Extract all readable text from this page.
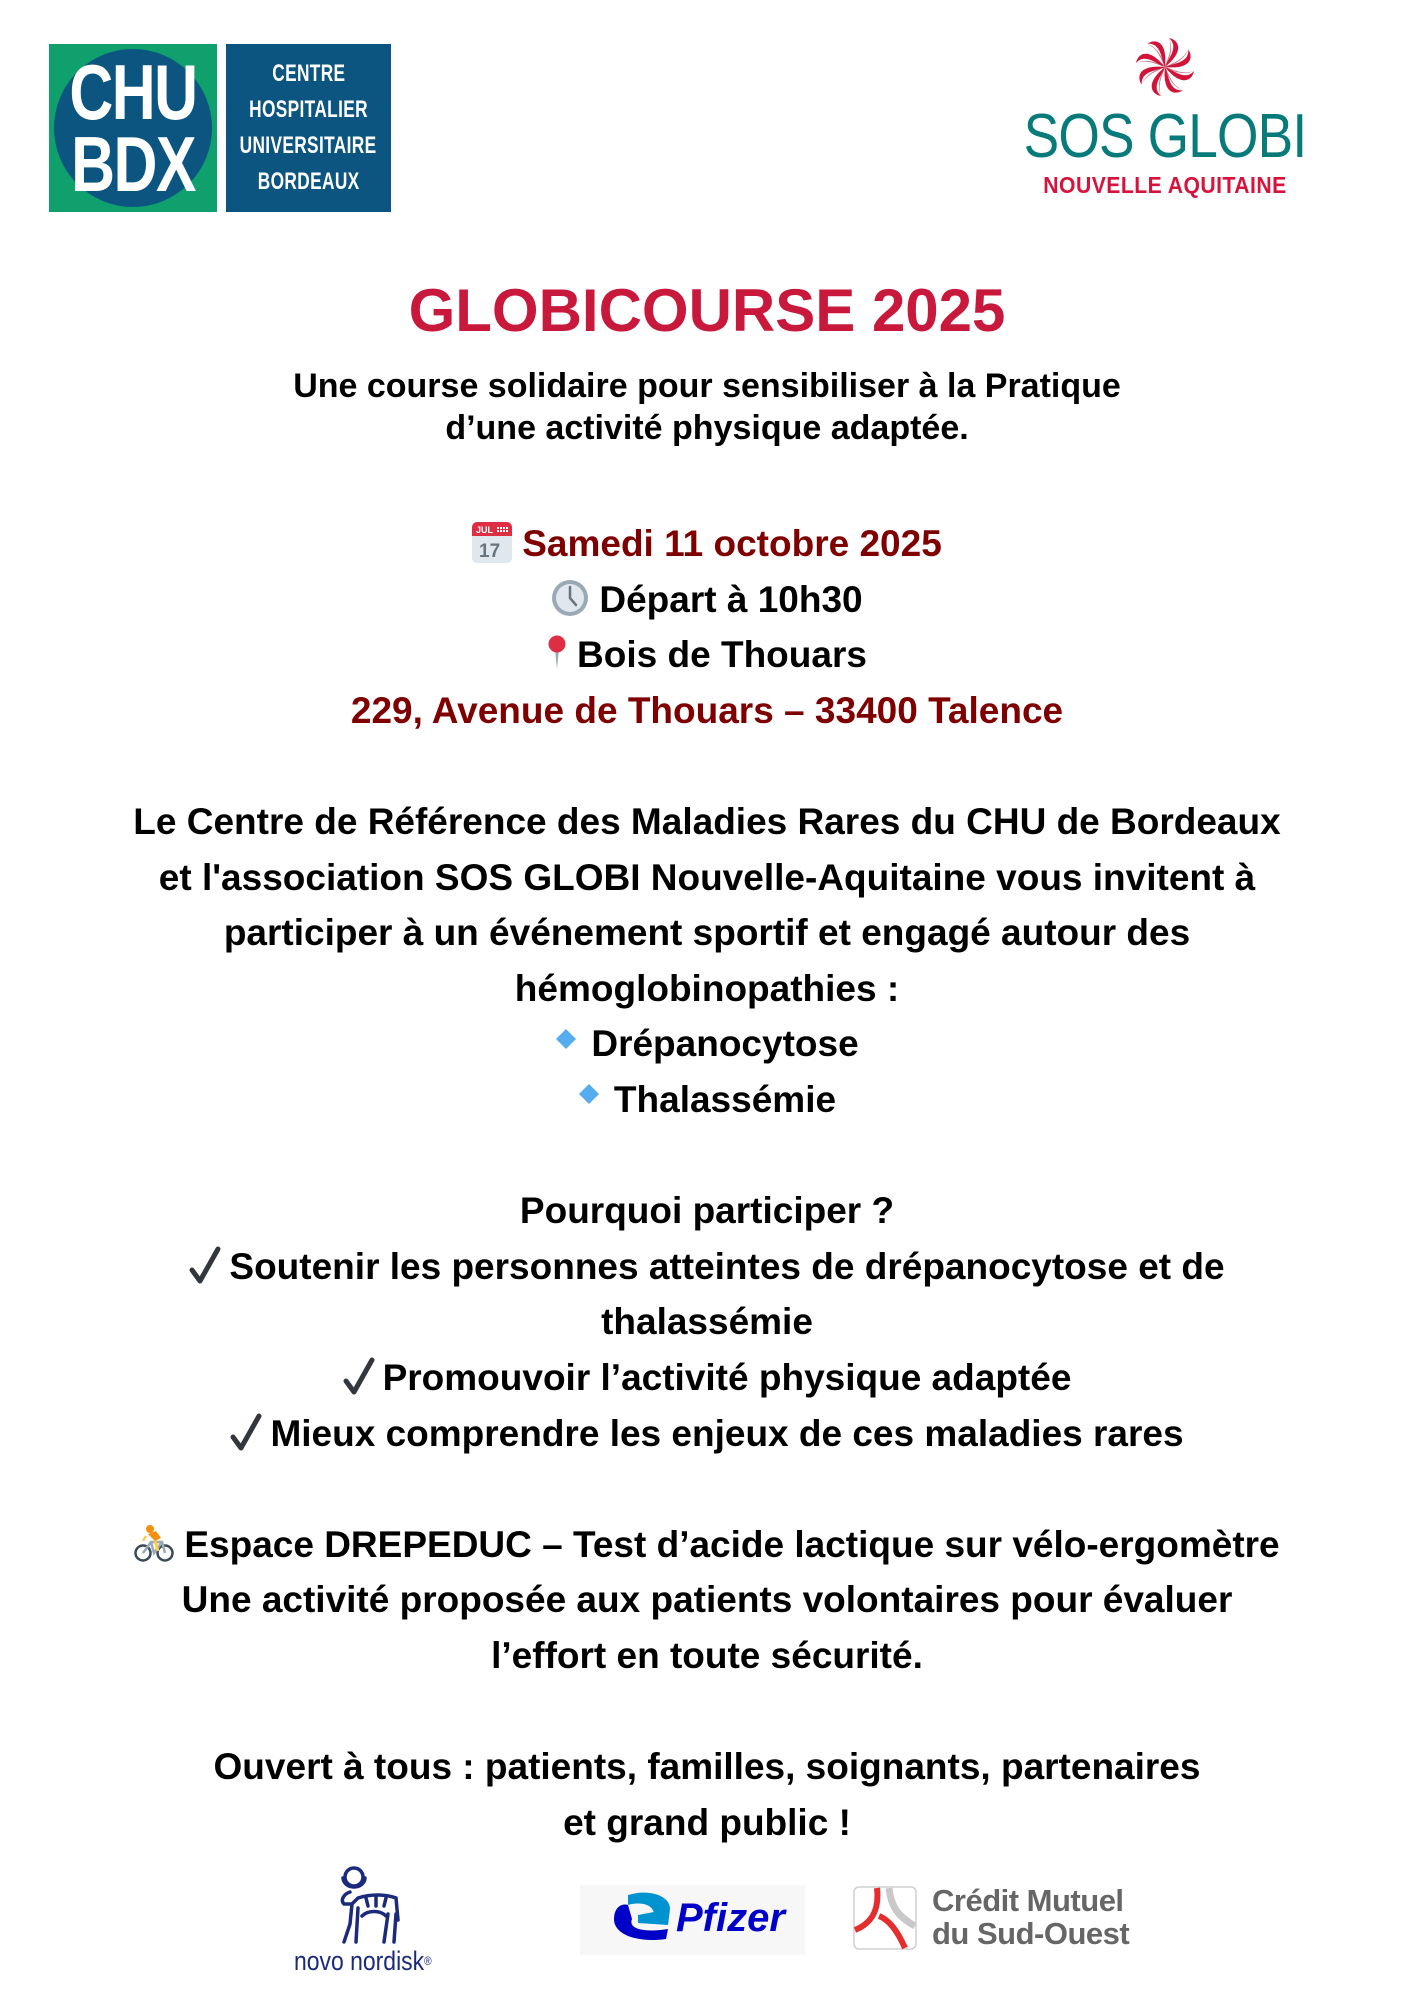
CHU
BDX
CENTRE
HOSPITALIER
UNIVERSITAIRE
BORDEAUX
SOS GLOBI
NOUVELLE AQUITAINE
GLOBICOURSE 2025
Une course solidaire pour sensibiliser à la Pratique
d’une activité physique adaptée.
JUL
17 Samedi 11 octobre 2025
Départ à 10h30
Bois de Thouars
229, Avenue de Thouars – 33400 Talence
Le Centre de Référence des Maladies Rares du CHU de Bordeaux
et l'association SOS GLOBI Nouvelle-Aquitaine vous invitent à
participer à un événement sportif et engagé autour des
hémoglobinopathies :
Drépanocytose
Thalassémie
Pourquoi participer ?
Soutenir les personnes atteintes de drépanocytose et de
thalassémie
Promouvoir l’activité physique adaptée
Mieux comprendre les enjeux de ces maladies rares
Espace DREPEDUC – Test d’acide lactique sur vélo-ergomètre
Une activité proposée aux patients volontaires pour évaluer
l’effort en toute sécurité.
Ouvert à tous : patients, familles, soignants, partenaires
et grand public !
novo nordisk®
Pfizer	Crédit Mutuel
du Sud-Ouest
